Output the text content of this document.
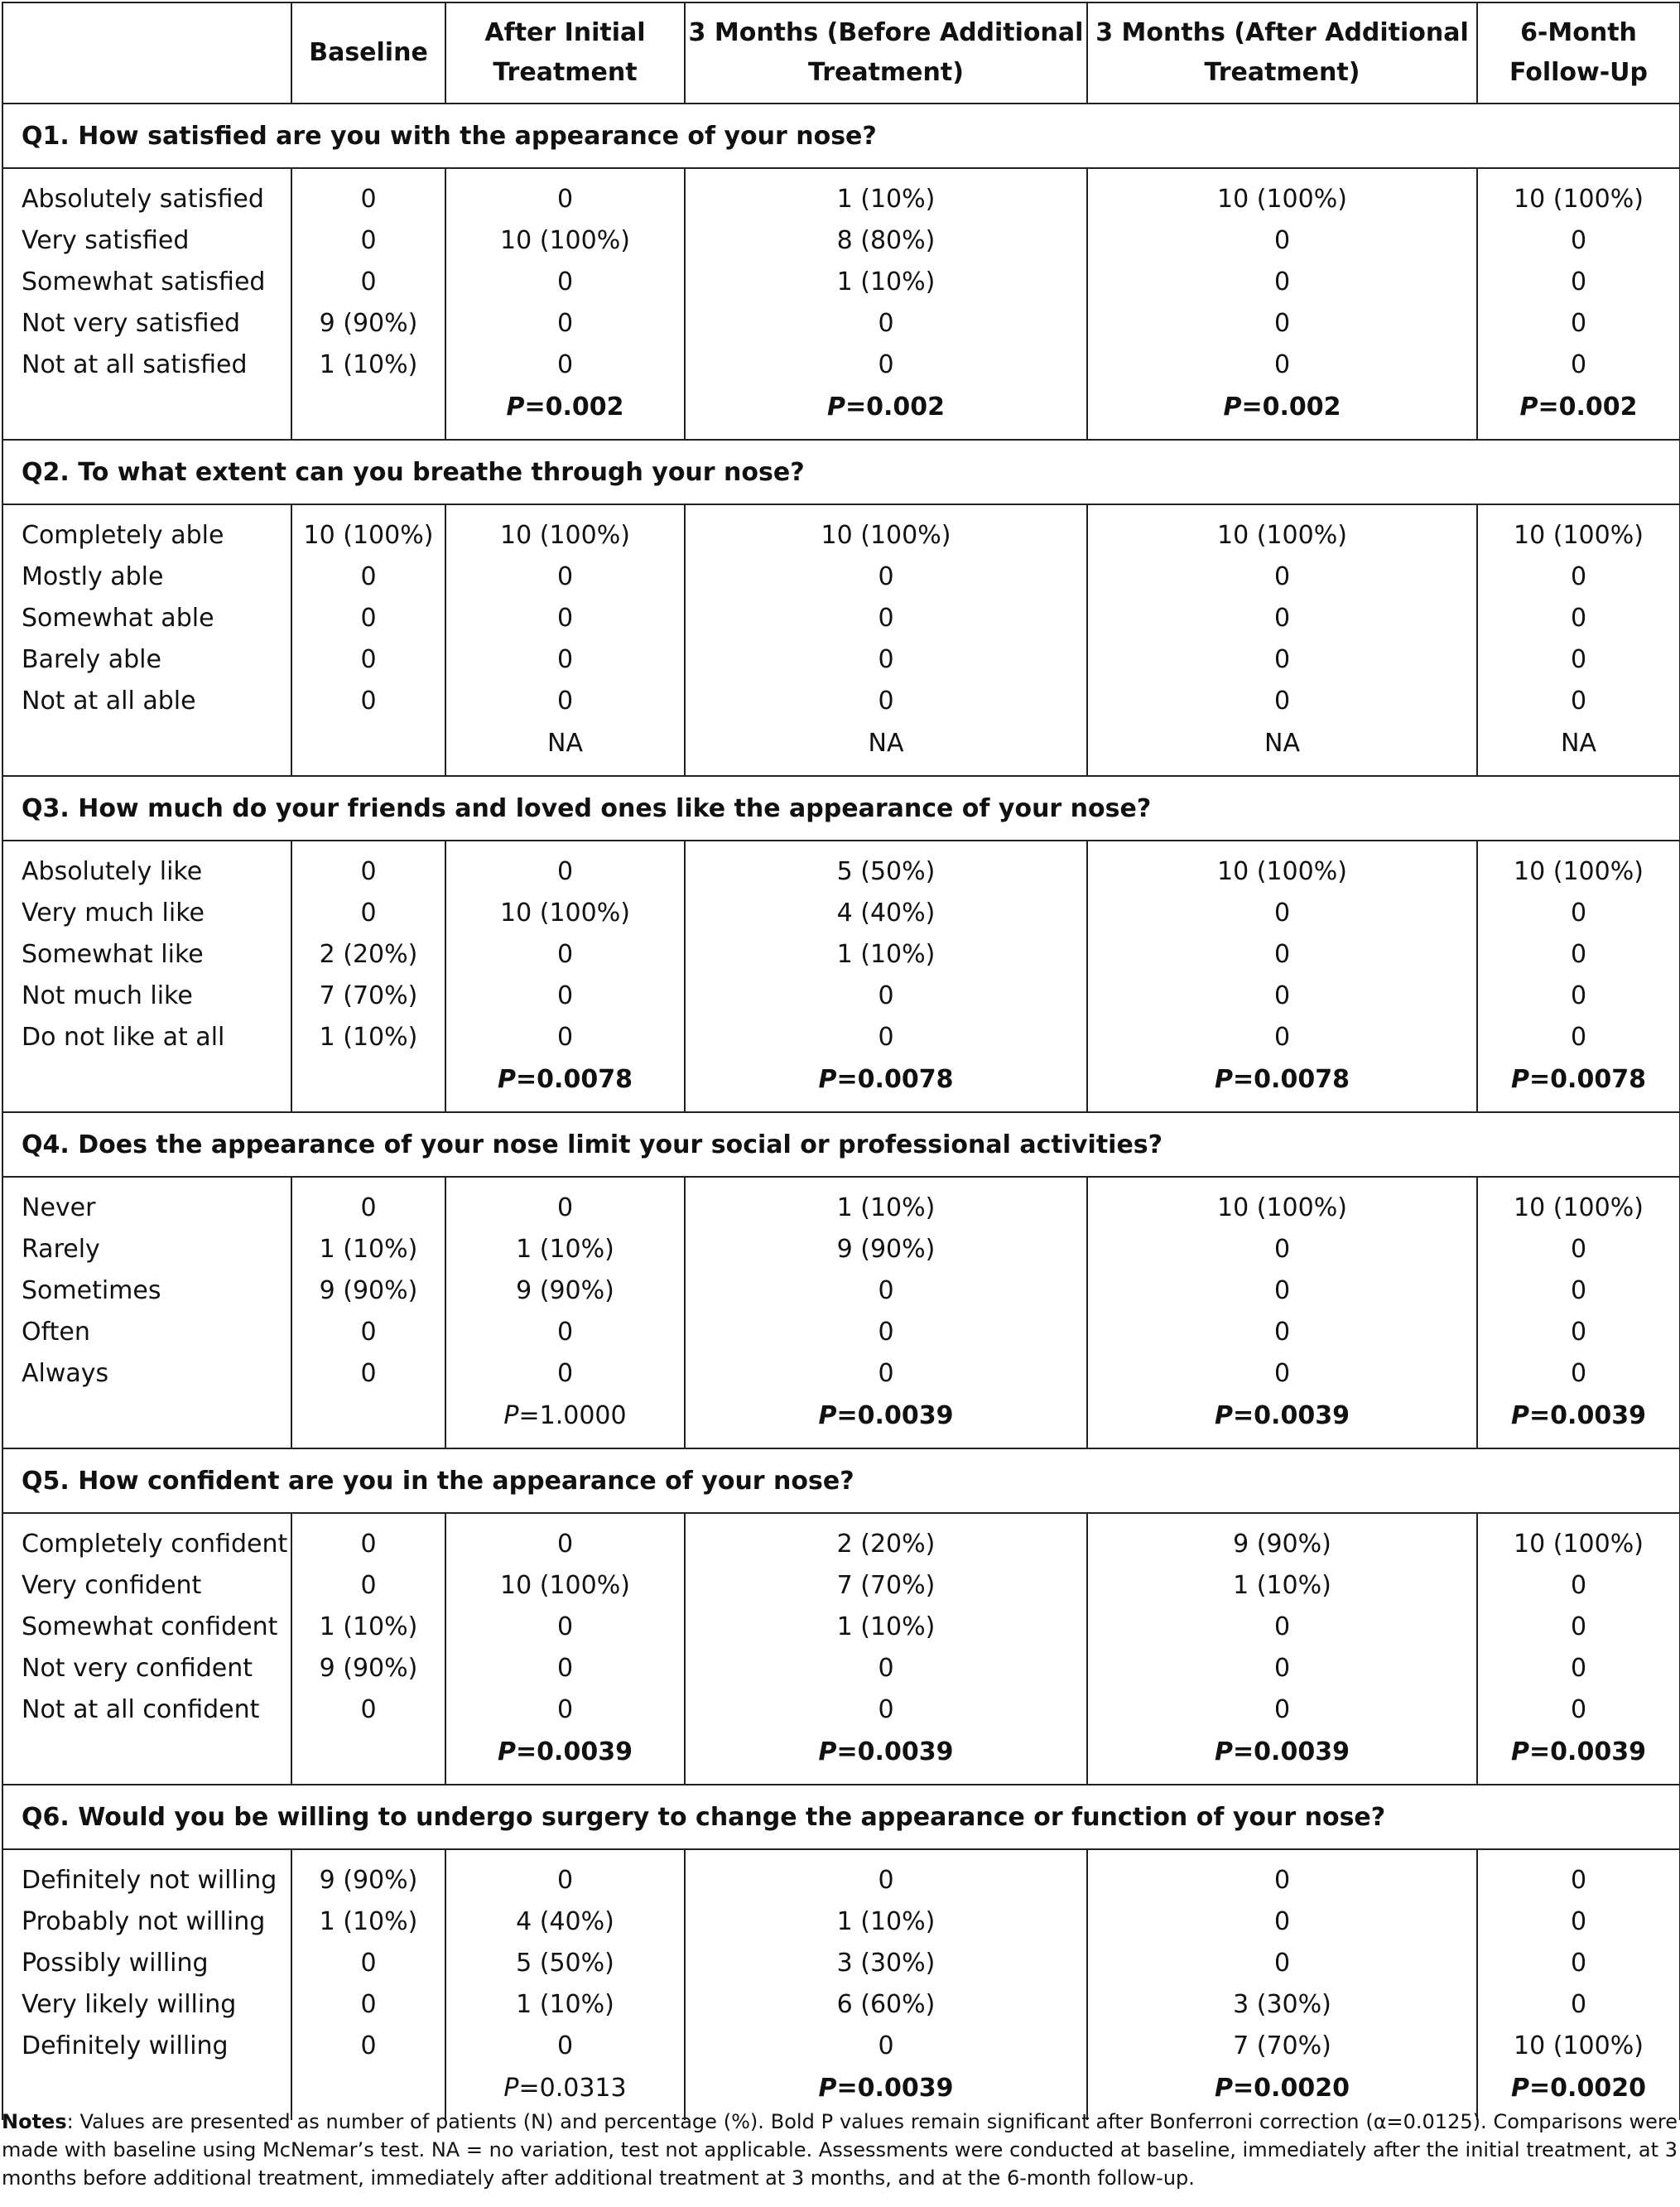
	Baseline	After Initial Treatment	3 Months (Before Additional Treatment)	3 Months (After Additional Treatment)	6-Month Follow-Up
Q1. How satisfied are you with the appearance of your nose?					
Absolutely satisfied	0	0	1 (10%)	10 (100%)	10 (100%)
Very satisfied	0	10 (100%)	8 (80%)	0	0
Somewhat satisfied	0	0	1 (10%)	0	0
Not very satisfied	9 (90%)	0	0	0	0
Not at all satisfied	1 (10%)	0	0	0	0
		P=0.002	P=0.002	P=0.002	P=0.002
Q2. To what extent can you breathe through your nose?					
Completely able	10 (100%)	10 (100%)	10 (100%)	10 (100%)	10 (100%)
Mostly able	0	0	0	0	0
Somewhat able	0	0	0	0	0
Barely able	0	0	0	0	0
Not at all able	0	0	0	0	0
		NA	NA	NA	NA
Q3. How much do your friends and loved ones like the appearance of your nose?					
Absolutely like	0	0	5 (50%)	10 (100%)	10 (100%)
Very much like	0	10 (100%)	4 (40%)	0	0
Somewhat like	2 (20%)	0	1 (10%)	0	0
Not much like	7 (70%)	0	0	0	0
Do not like at all	1 (10%)	0	0	0	0
		P=0.0078	P=0.0078	P=0.0078	P=0.0078
Q4. Does the appearance of your nose limit your social or professional activities?					
Never	0	0	1 (10%)	10 (100%)	10 (100%)
Rarely	1 (10%)	1 (10%)	9 (90%)	0	0
Sometimes	9 (90%)	9 (90%)	0	0	0
Often	0	0	0	0	0
Always	0	0	0	0	0
		P=1.0000	P=0.0039	P=0.0039	P=0.0039
Q5. How confident are you in the appearance of your nose?					
Completely confident	0	0	2 (20%)	9 (90%)	10 (100%)
Very confident	0	10 (100%)	7 (70%)	1 (10%)	0
Somewhat confident	1 (10%)	0	1 (10%)	0	0
Not very confident	9 (90%)	0	0	0	0
Not at all confident	0	0	0	0	0
		P=0.0039	P=0.0039	P=0.0039	P=0.0039
Q6. Would you be willing to undergo surgery to change the appearance or function of your nose?					
Definitely not willing	9 (90%)	0	0	0	0
Probably not willing	1 (10%)	4 (40%)	1 (10%)	0	0
Possibly willing	0	5 (50%)	3 (30%)	0	0
Very likely willing	0	1 (10%)	6 (60%)	3 (30%)	0
Definitely willing	0	0	0	7 (70%)	10 (100%)
		P=0.0313	P=0.0039	P=0.0020	P=0.0020
Notes: Values are presented as number of patients (N) and percentage (%). Bold P values remain significant after Bonferroni correction (α=0.0125). Comparisons were made with baseline using McNemar’s test. NA = no variation, test not applicable. Assessments were conducted at baseline, immediately after the initial treatment, at 3 months before additional treatment, immediately after additional treatment at 3 months, and at the 6-month follow-up.
